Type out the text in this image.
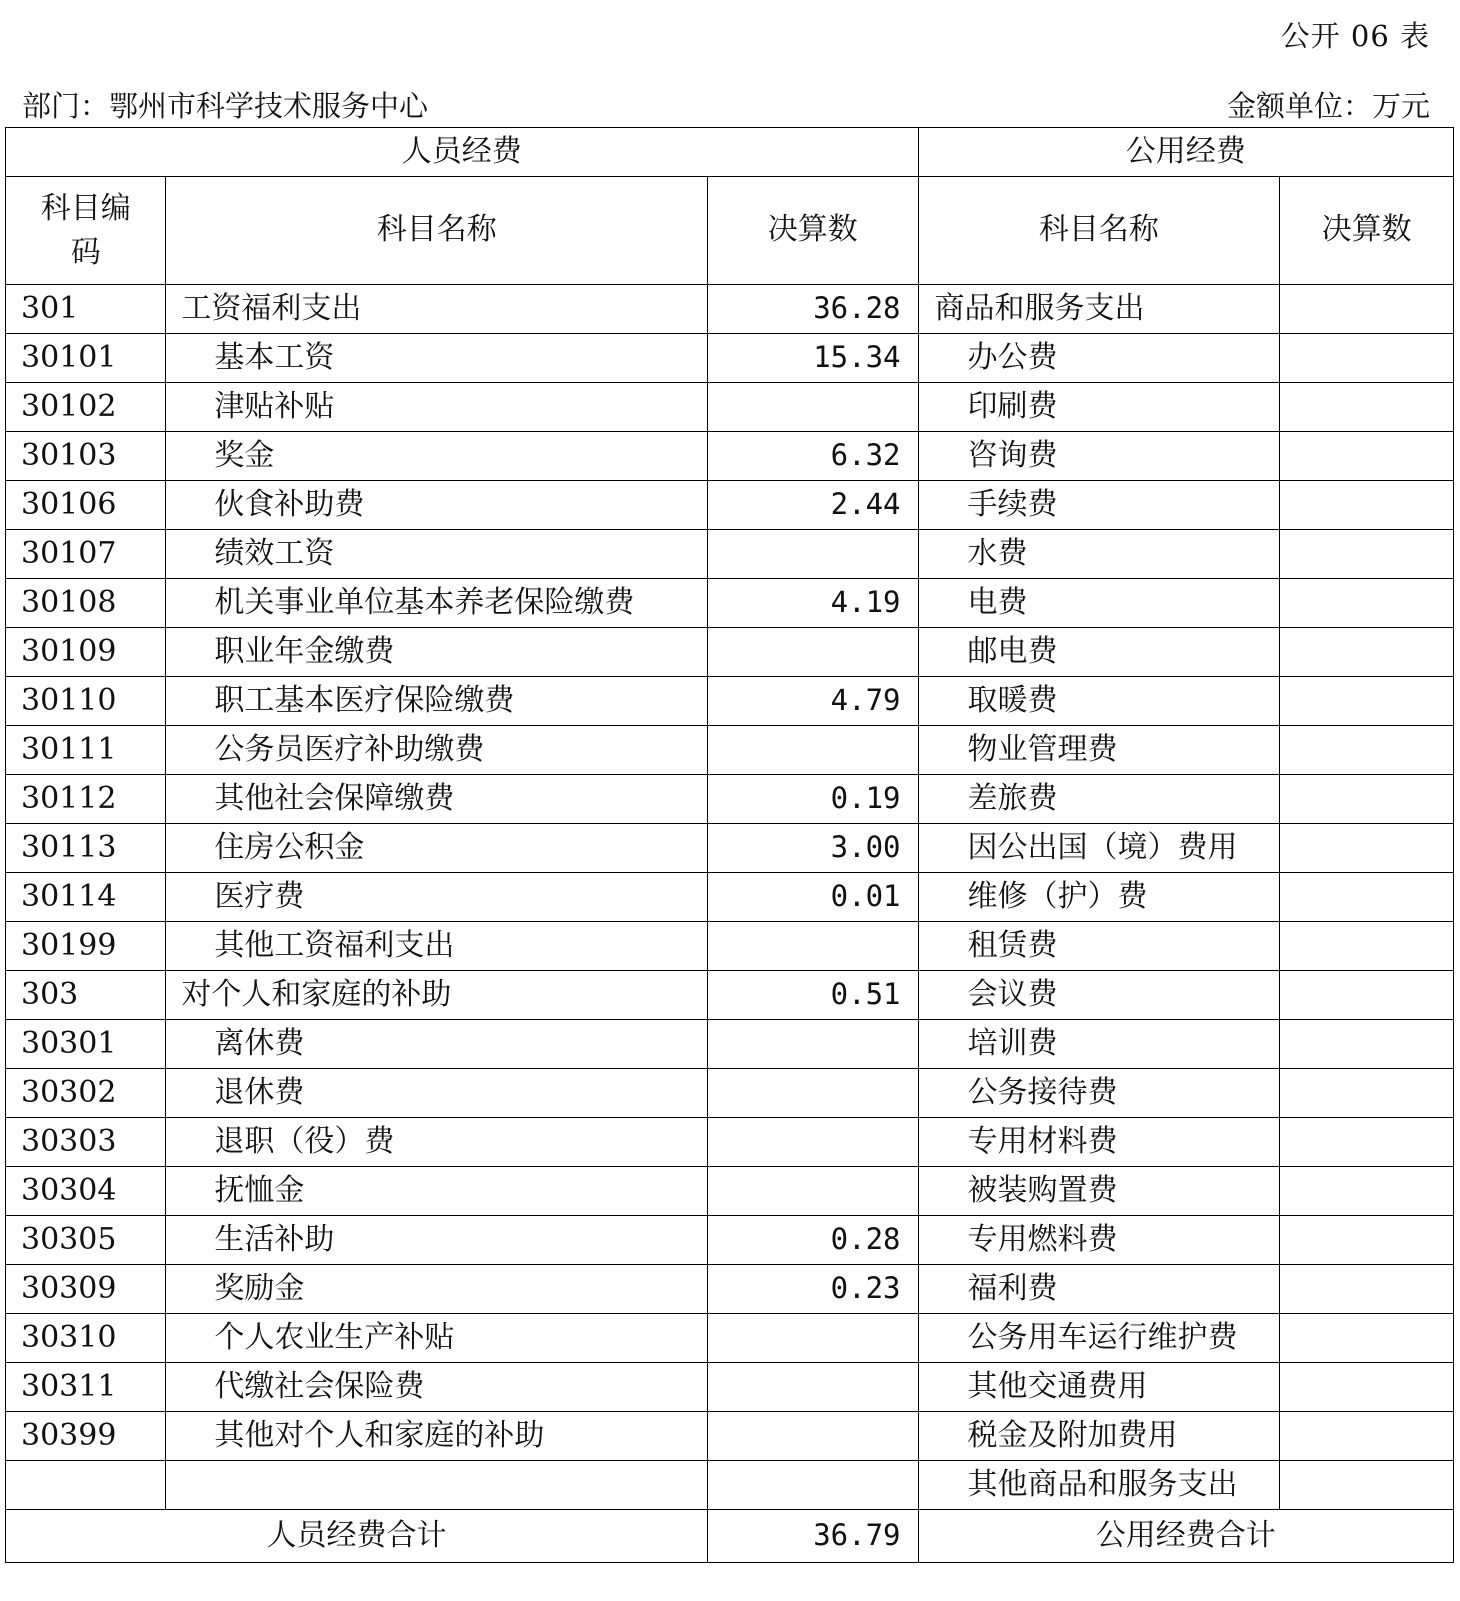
公开 06 表
部门：鄂州市科学技术服务中心	金额单位：万元
人员经费			公用经费	
科目编码	科目名称	决算数	科目名称	决算数
301	工资福利支出	36.28	商品和服务支出	
30101	基本工资	15.34	办公费	
30102	津贴补贴		印刷费	
30103	奖金	6.32	咨询费	
30106	伙食补助费	2.44	手续费	
30107	绩效工资		水费	
30108	机关事业单位基本养老保险缴费	4.19	电费	
30109	职业年金缴费		邮电费	
30110	职工基本医疗保险缴费	4.79	取暖费	
30111	公务员医疗补助缴费		物业管理费	
30112	其他社会保障缴费	0.19	差旅费	
30113	住房公积金	3.00	因公出国（境）费用	
30114	医疗费	0.01	维修（护）费	
30199	其他工资福利支出		租赁费	
303	对个人和家庭的补助	0.51	会议费	
30301	离休费		培训费	
30302	退休费		公务接待费	
30303	退职（役）费		专用材料费	
30304	抚恤金		被装购置费	
30305	生活补助	0.28	专用燃料费	
30309	奖励金	0.23	福利费	
30310	个人农业生产补贴		公务用车运行维护费	
30311	代缴社会保险费		其他交通费用	
30399	其他对个人和家庭的补助		税金及附加费用	
			其他商品和服务支出	
人员经费合计		36.79	公用经费合计	
